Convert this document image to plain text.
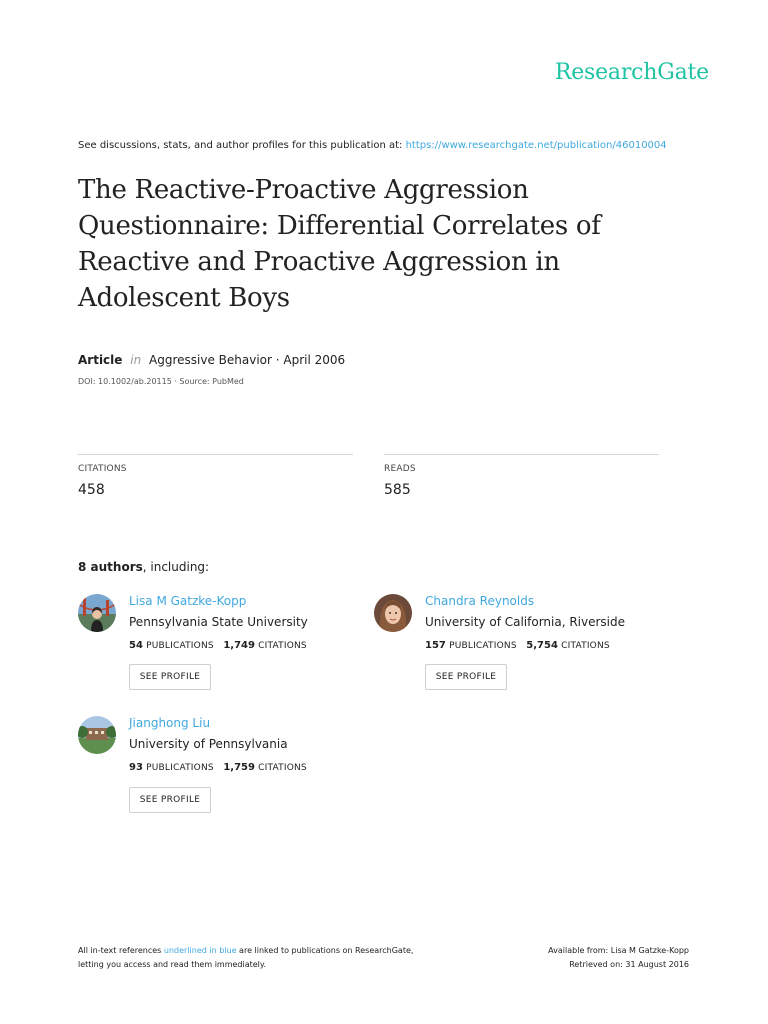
ResearchGate
See discussions, stats, and author profiles for this publication at: https://www.researchgate.net/publication/46010004
The Reactive-Proactive Aggression
Questionnaire: Differential Correlates of
Reactive and Proactive Aggression in
Adolescent Boys
Article in Aggressive Behavior · April 2006
DOI: 10.1002/ab.20115 · Source: PubMed
CITATIONS
458
READS
585
8 authors, including:
Lisa M Gatzke-Kopp
Pennsylvania State University
54 PUBLICATIONS 1,749 CITATIONS
SEE PROFILE
Chandra Reynolds
University of California, Riverside
157 PUBLICATIONS 5,754 CITATIONS
SEE PROFILE
Jianghong Liu
University of Pennsylvania
93 PUBLICATIONS 1,759 CITATIONS
SEE PROFILE
All in-text references underlined in blue are linked to publications on ResearchGate,
letting you access and read them immediately.
Available from: Lisa M Gatzke-Kopp
Retrieved on: 31 August 2016
